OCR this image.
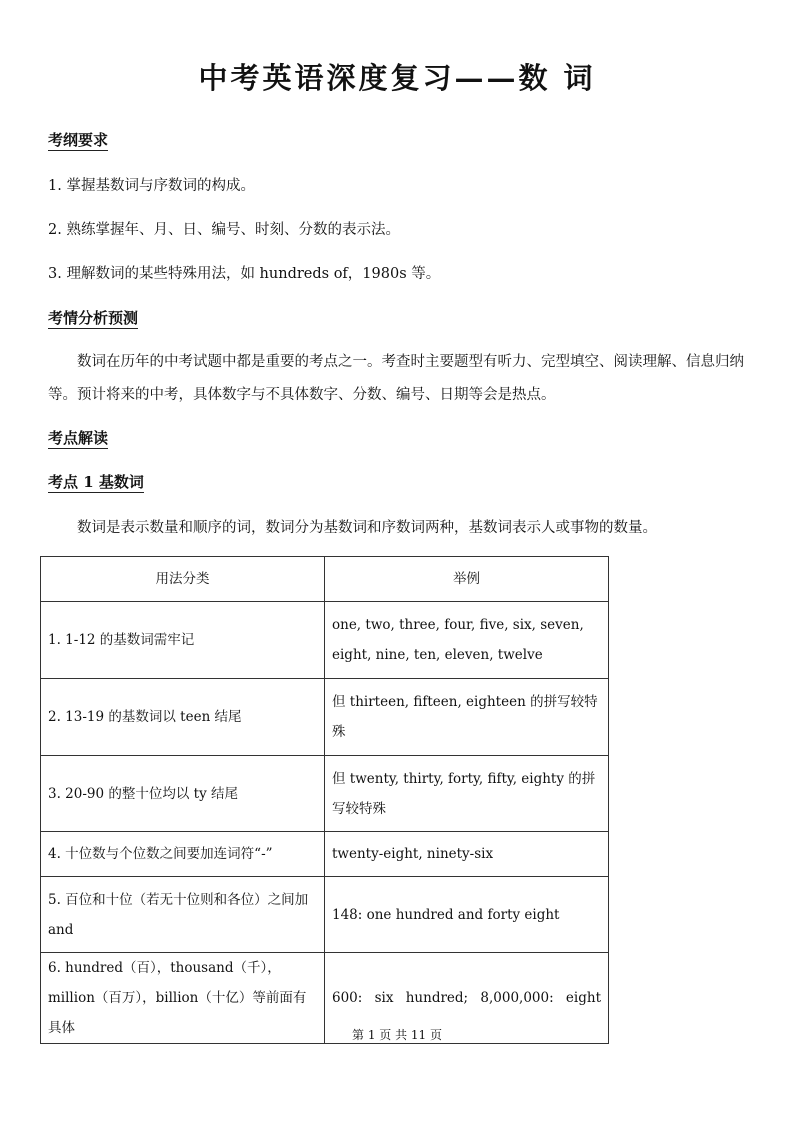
中考英语深度复习——数 词
考纲要求
1. 掌握基数词与序数词的构成。
2. 熟练掌握年、月、日、编号、时刻、分数的表示法。
3. 理解数词的某些特殊用法，如 hundreds of，1980s 等。
考情分析预测
数词在历年的中考试题中都是重要的考点之一。考查时主要题型有听力、完型填空、阅读理解、信息归纳等。预计将来的中考，具体数字与不具体数字、分数、编号、日期等会是热点。
考点解读
考点 1 基数词
数词是表示数量和顺序的词，数词分为基数词和序数词两种，基数词表示人或事物的数量。
用法分类	举例
1. 1-12 的基数词需牢记	one, two, three, four, five, six, seven, eight, nine, ten, eleven, twelve
2. 13-19 的基数词以 teen 结尾	但 thirteen, fifteen, eighteen 的拼写较特殊
3. 20-90 的整十位均以 ty 结尾	但 twenty, thirty, forty, fifty, eighty 的拼写较特殊
4. 十位数与个位数之间要加连词符“-”	twenty-eight, ninety-six
5. 百位和十位（若无十位则和各位）之间加 and	148: one hundred and forty eight
6. hundred（百），thousand（千），million（百万），billion（十亿）等前面有具体	600: six hundred; 8,000,000: eight
第 1 页 共 11 页
